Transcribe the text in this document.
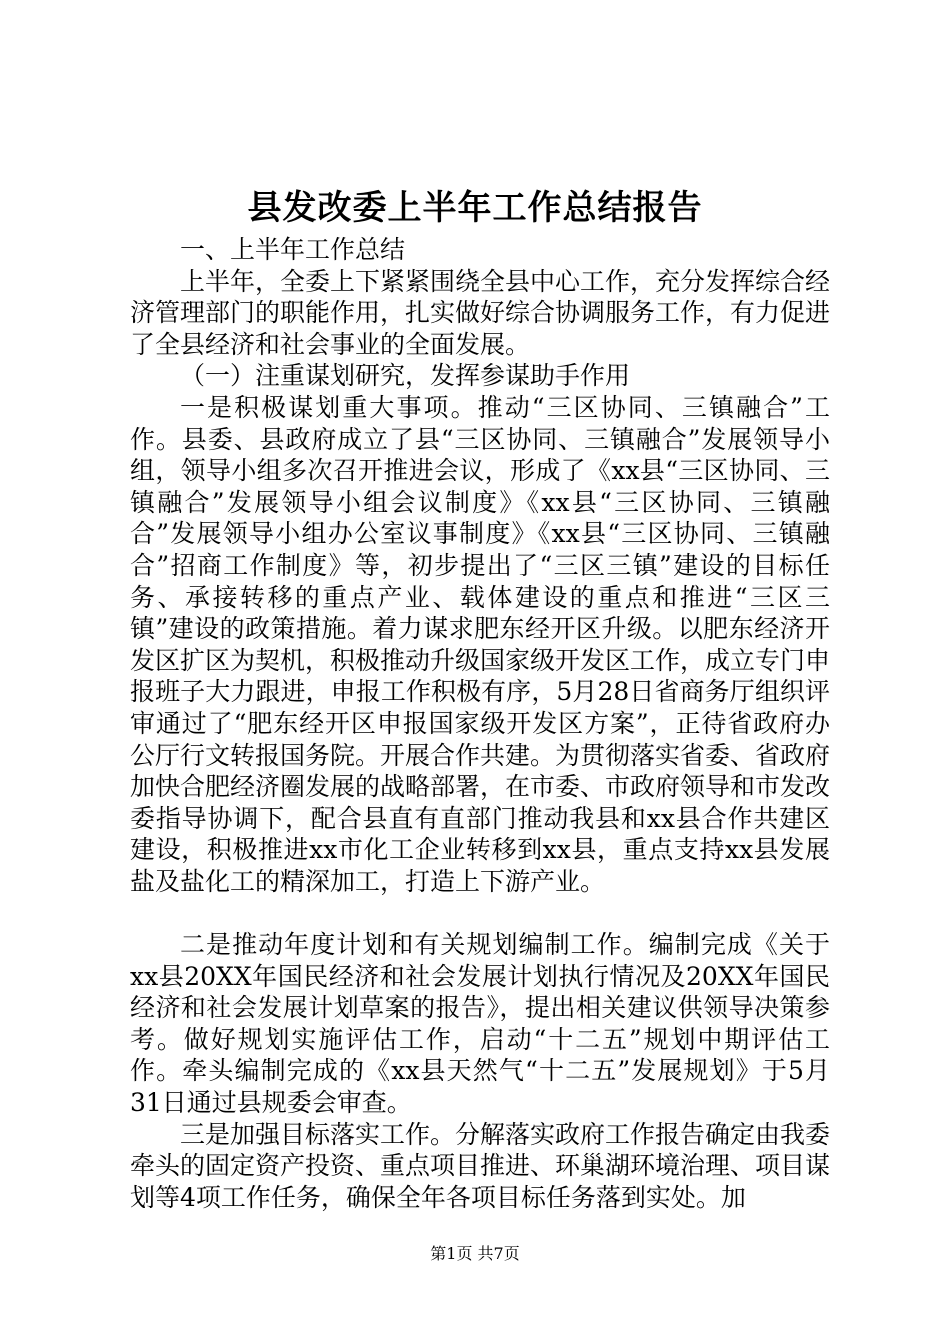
县发改委上半年工作总结报告

一、上半年工作总结

上半年，全委上下紧紧围绕全县中心工作，充分发挥综合经济管理部门的职能作用，扎实做好综合协调服务工作，有力促进了全县经济和社会事业的全面发展。

（一）注重谋划研究，发挥参谋助手作用

一是积极谋划重大事项。推动“三区协同、三镇融合”工作。县委、县政府成立了县“三区协同、三镇融合”发展领导小组，领导小组多次召开推进会议，形成了《xx县“三区协同、三镇融合”发展领导小组会议制度》《xx县“三区协同、三镇融合”发展领导小组办公室议事制度》《xx县“三区协同、三镇融合”招商工作制度》等，初步提出了“三区三镇”建设的目标任务、承接转移的重点产业、载体建设的重点和推进“三区三镇”建设的政策措施。着力谋求肥东经开区升级。以肥东经济开发区扩区为契机，积极推动升级国家级开发区工作，成立专门申报班子大力跟进，申报工作积极有序，5月28日省商务厅组织评审通过了“肥东经开区申报国家级开发区方案”，正待省政府办公厅行文转报国务院。开展合作共建。为贯彻落实省委、省政府加快合肥经济圈发展的战略部署，在市委、市政府领导和市发改委指导协调下，配合县直有直部门推动我县和xx县合作共建区建设，积极推进xx市化工企业转移到xx县，重点支持xx县发展盐及盐化工的精深加工，打造上下游产业。

二是推动年度计划和有关规划编制工作。编制完成《关于xx县20XX年国民经济和社会发展计划执行情况及20XX年国民经济和社会发展计划草案的报告》，提出相关建议供领导决策参考。做好规划实施评估工作，启动“十二五”规划中期评估工作。牵头编制完成的《xx县天然气“十二五”发展规划》于5月31日通过县规委会审查。

三是加强目标落实工作。分解落实政府工作报告确定由我委牵头的固定资产投资、重点项目推进、环巢湖环境治理、项目谋划等4项工作任务，确保全年各项目标任务落到实处。加

第1页 共7页
